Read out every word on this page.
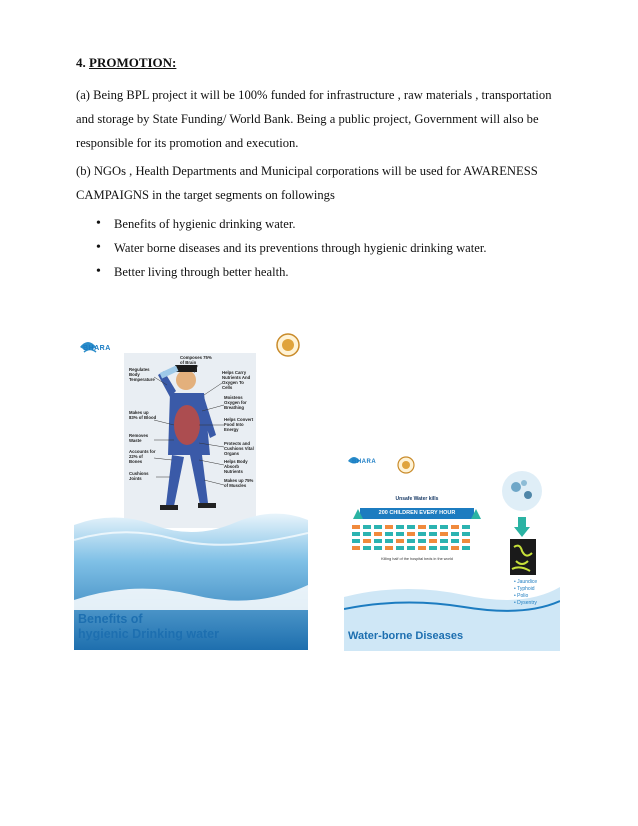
4. PROMOTION:
(a) Being BPL project it will be 100% funded for infrastructure , raw materials , transportation and storage by State Funding/ World Bank. Being a public project, Government will also be responsible for its promotion and execution.
(b) NGOs , Health Departments and Municipal corporations will be used for AWARENESS CAMPAIGNS in the target segments on followings
• Benefits of hygienic drinking water.
• Water borne diseases and its preventions through hygienic drinking water.
• Better living through better health.
BHARA
Composes 75% of Brain
Regulates Body Temperature
Helps Carry Nutrients And Oxygen To Cells
Moistens Oxygen for Breathing
Makes up 83% of Blood	Helps Convert Food Into Energy
Removes Waste
Protects and Cushions Vital Organs
Accounts for 22% of Bones	Helps Body Absorb Nutrients
Cushions Joints	Makes up 75% of Muscles
Benefits of
hygienic Drinking water
BHARA
Unsafe Water kills
200 CHILDREN EVERY HOUR
Killing half of the hospital beds in the world
• Jaundice
• Typhoid
• Polio
• Dysentry
Water-borne Diseases
